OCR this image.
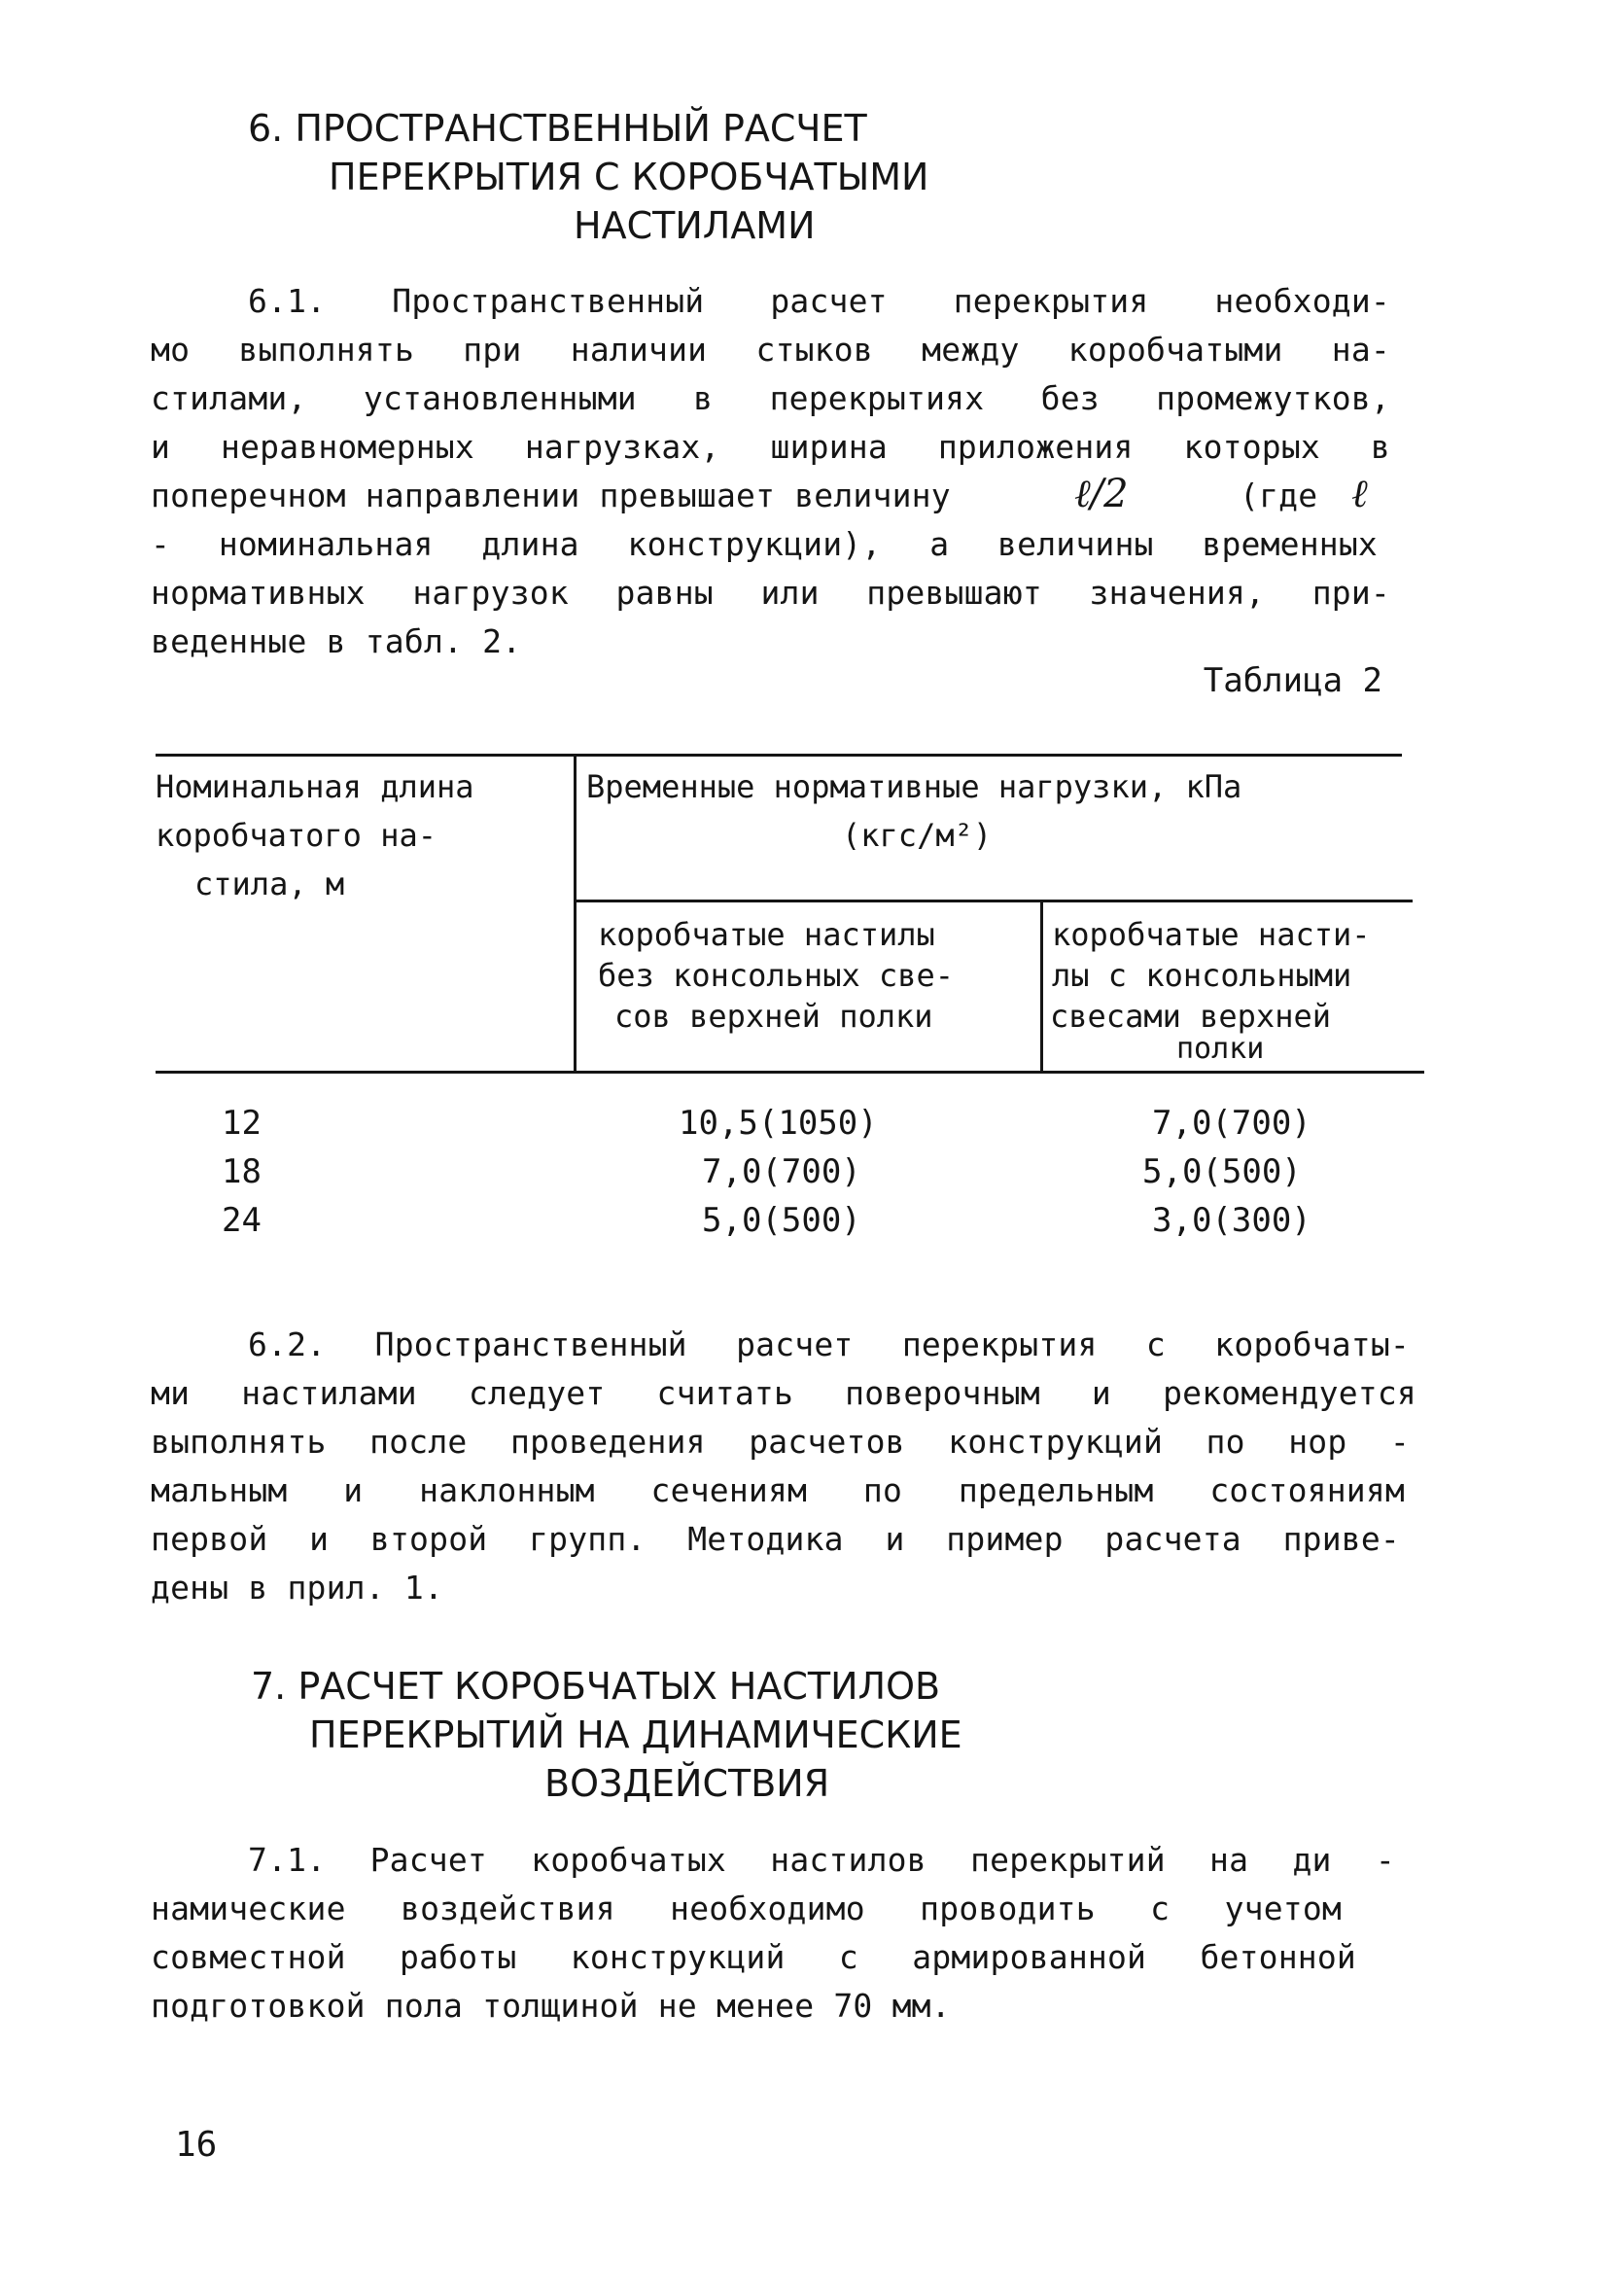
6. ПРОСТРАНСТВЕННЫЙ РАСЧЕТ
ПЕРЕКРЫТИЯ С КОРОБЧАТЫМИ
НАСТИЛАМИ
6.1. Пространственный расчет перекрытия необходи-
мо выполнять при наличии стыков между коробчатыми на-
стилами, установленными в перекрытиях без промежутков,
и неравномерных нагрузках, ширина приложения которых в
поперечном направлении превышает величину	ℓ/2	(где ℓ
- номинальная длина конструкции), а величины временных
нормативных нагрузок равны или превышают значения, при-
веденные в табл. 2.
Таблица 2
Номинальная длина
коробчатого на-
стила, м
Временные нормативные нагрузки, кПа
(кгс/м²)
коробчатые настилы
без консольных све-
сов верхней полки
коробчатые насти-
лы с консольными
свесами верхней
полки
12	10,5(1050)	7,0(700)
18	7,0(700)	5,0(500)
24	5,0(500)	3,0(300)
6.2. Пространственный расчет перекрытия с коробчаты-
ми настилами следует считать поверочным и рекомендуется
выполнять после проведения расчетов конструкций по нор -
мальным и наклонным сечениям по предельным состояниям
первой и второй групп. Методика и пример расчета приве-
дены в прил. 1.
7. РАСЧЕТ КОРОБЧАТЫХ НАСТИЛОВ
ПЕРЕКРЫТИЙ НА ДИНАМИЧЕСКИЕ
ВОЗДЕЙСТВИЯ
7.1. Расчет коробчатых настилов перекрытий на ди -
намические воздействия необходимо проводить с учетом
совместной работы конструкций с армированной бетонной
подготовкой пола толщиной не менее 70 мм.
16
